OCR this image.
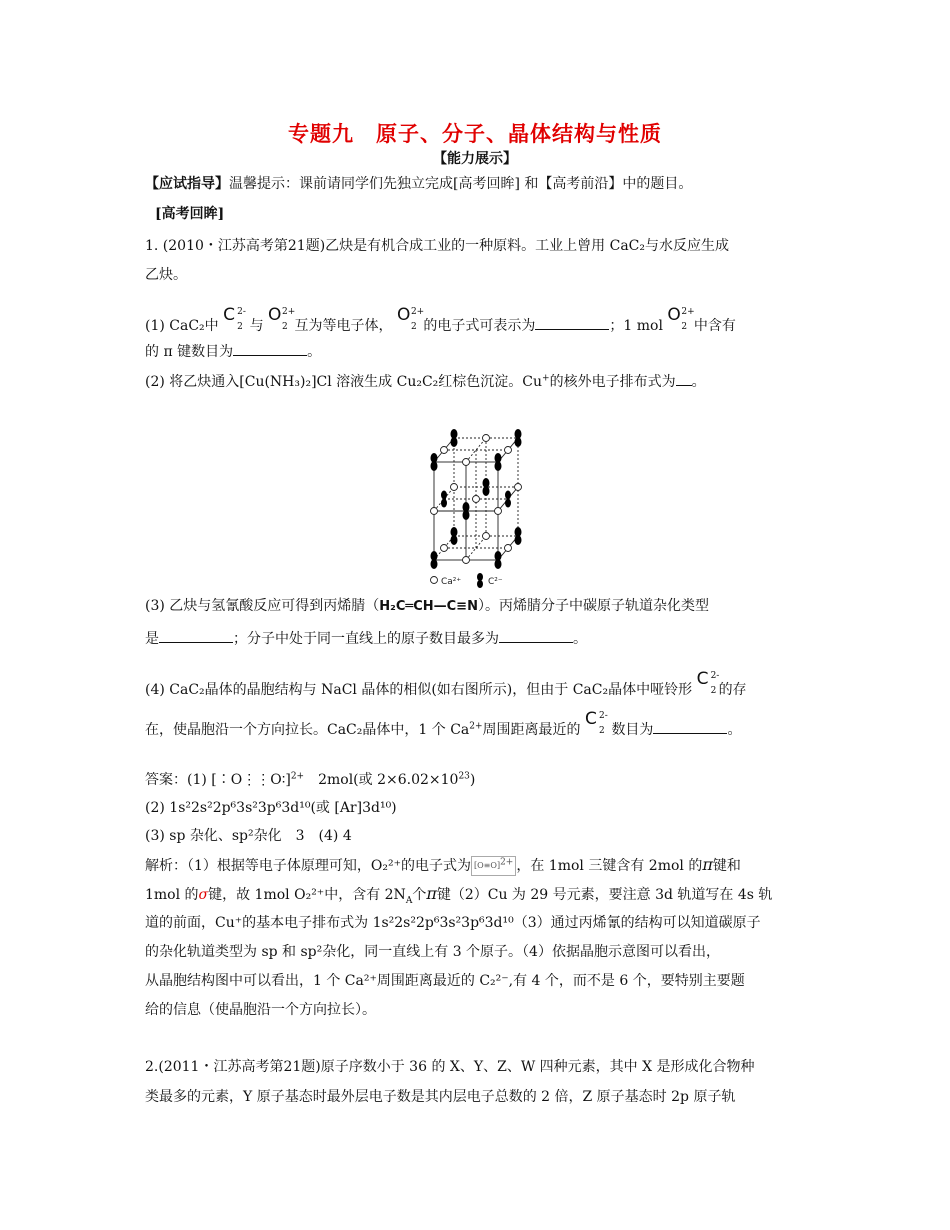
专题九　原子、分子、晶体结构与性质
【能力展示】
【应试指导】温馨提示：课前请同学们先独立完成[高考回眸] 和【高考前沿】中的题目。
[高考回眸]
1. (2010・江苏高考第21题)乙炔是有机合成工业的一种原料。工业上曾用 CaC₂与水反应生成
乙炔。
(1) CaC₂中
C 2-
2 与
O 2+
2 互为等电子体，
O 2+
2 的电子式可表示为	；1 mol
O 2+
2 中含有
的 π 键数目为	。
(2) 将乙炔通入[Cu(NH₃)₂]Cl 溶液生成 Cu₂C₂红棕色沉淀。Cu+的核外电子排布式为 。
Ca²⁺	C²⁻
(3) 乙炔与氢氰酸反应可得到丙烯腈（H₂C═CH—C≡N）。丙烯腈分子中碳原子轨道杂化类型
是	；分子中处于同一直线上的原子数目最多为	。
(4) CaC₂晶体的晶胞结构与 NaCl 晶体的相似(如右图所示)，但由于 CaC₂晶体中哑铃形
C 2-
2 的存
在，使晶胞沿一个方向拉长。CaC₂晶体中，1 个 $Ca^{2+}$周围距离最近的
C 2-
2 数目为	。
答案：(1) [∶O⋮⋮O∶]$^{2+}$　2mol(或 $2\times 6.02\times 10^{23}$)
(2) 1s²2s²2p⁶3s²3p⁶3d¹⁰(或 [Ar]3d¹⁰)
(3) sp 杂化、sp²杂化　3　(4) 4
解析：（1）根据等电子体原理可知，O₂²⁺的电子式为 $[O\equiv O]^{2+}$ ，在 1mol 三键含有 2mol 的π键和
1mol 的σ键，故 1mol O₂²⁺中，含有 $2N_A$个π键（2）Cu 为 29 号元素，要注意 3d 轨道写在 4s 轨
道的前面，Cu⁺的基本电子排布式为 1s²2s²2p⁶3s²3p⁶3d¹⁰（3）通过丙烯氰的结构可以知道碳原子
的杂化轨道类型为 sp 和 sp²杂化，同一直线上有 3 个原子。（4）依据晶胞示意图可以看出，
从晶胞结构图中可以看出，1 个 Ca²⁺周围距离最近的 C₂²⁻,有 4 个，而不是 6 个，要特别主要题
给的信息（使晶胞沿一个方向拉长）。
2.(2011・江苏高考第21题)原子序数小于 36 的 X、Y、Z、W 四种元素，其中 X 是形成化合物种
类最多的元素，Y 原子基态时最外层电子数是其内层电子总数的 2 倍，Z 原子基态时 2p 原子轨
